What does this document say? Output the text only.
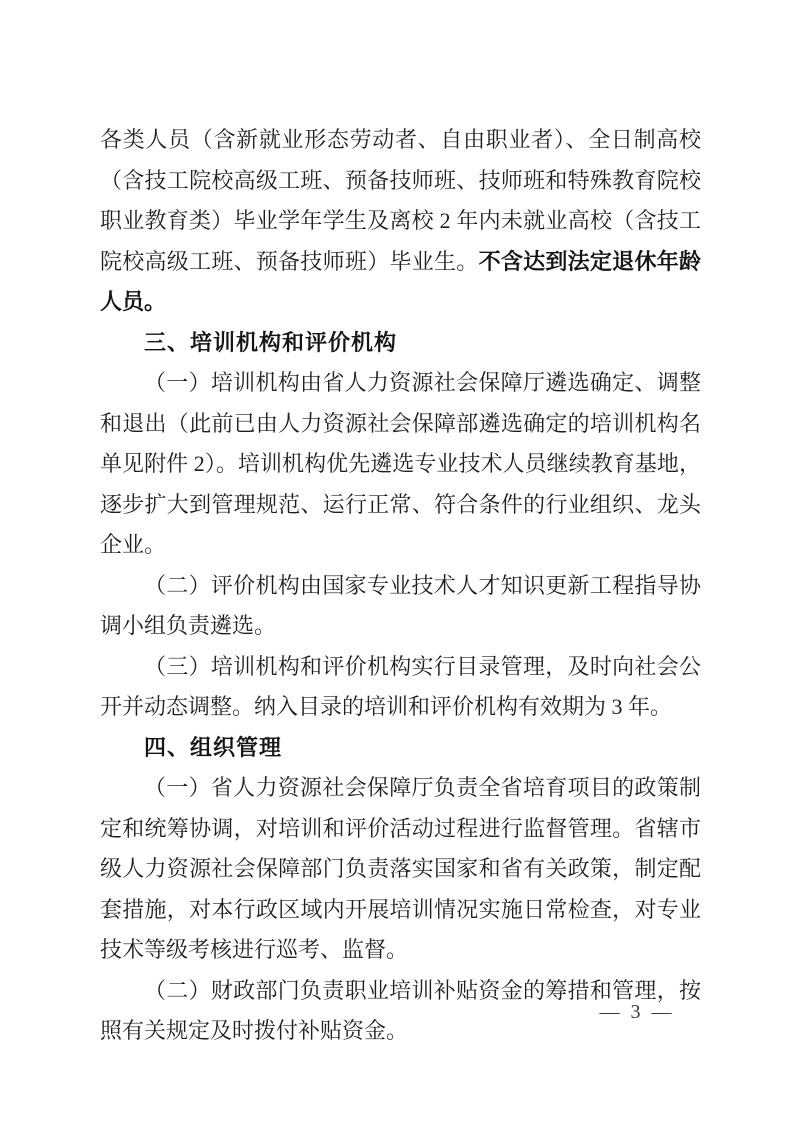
各类人员（含新就业形态劳动者、自由职业者）、全日制高校（含技工院校高级工班、预备技师班、技师班和特殊教育院校职业教育类）毕业学年学生及离校 2 年内未就业高校（含技工院校高级工班、预备技师班）毕业生。不含达到法定退休年龄人员。

三、培训机构和评价机构

（一）培训机构由省人力资源社会保障厅遴选确定、调整和退出（此前已由人力资源社会保障部遴选确定的培训机构名单见附件 2）。培训机构优先遴选专业技术人员继续教育基地，逐步扩大到管理规范、运行正常、符合条件的行业组织、龙头企业。

（二）评价机构由国家专业技术人才知识更新工程指导协调小组负责遴选。

（三）培训机构和评价机构实行目录管理，及时向社会公开并动态调整。纳入目录的培训和评价机构有效期为 3 年。

四、组织管理

（一）省人力资源社会保障厅负责全省培育项目的政策制定和统筹协调，对培训和评价活动过程进行监督管理。省辖市级人力资源社会保障部门负责落实国家和省有关政策，制定配套措施，对本行政区域内开展培训情况实施日常检查，对专业技术等级考核进行巡考、监督。

（二）财政部门负责职业培训补贴资金的筹措和管理，按照有关规定及时拨付补贴资金。

— 3 —
